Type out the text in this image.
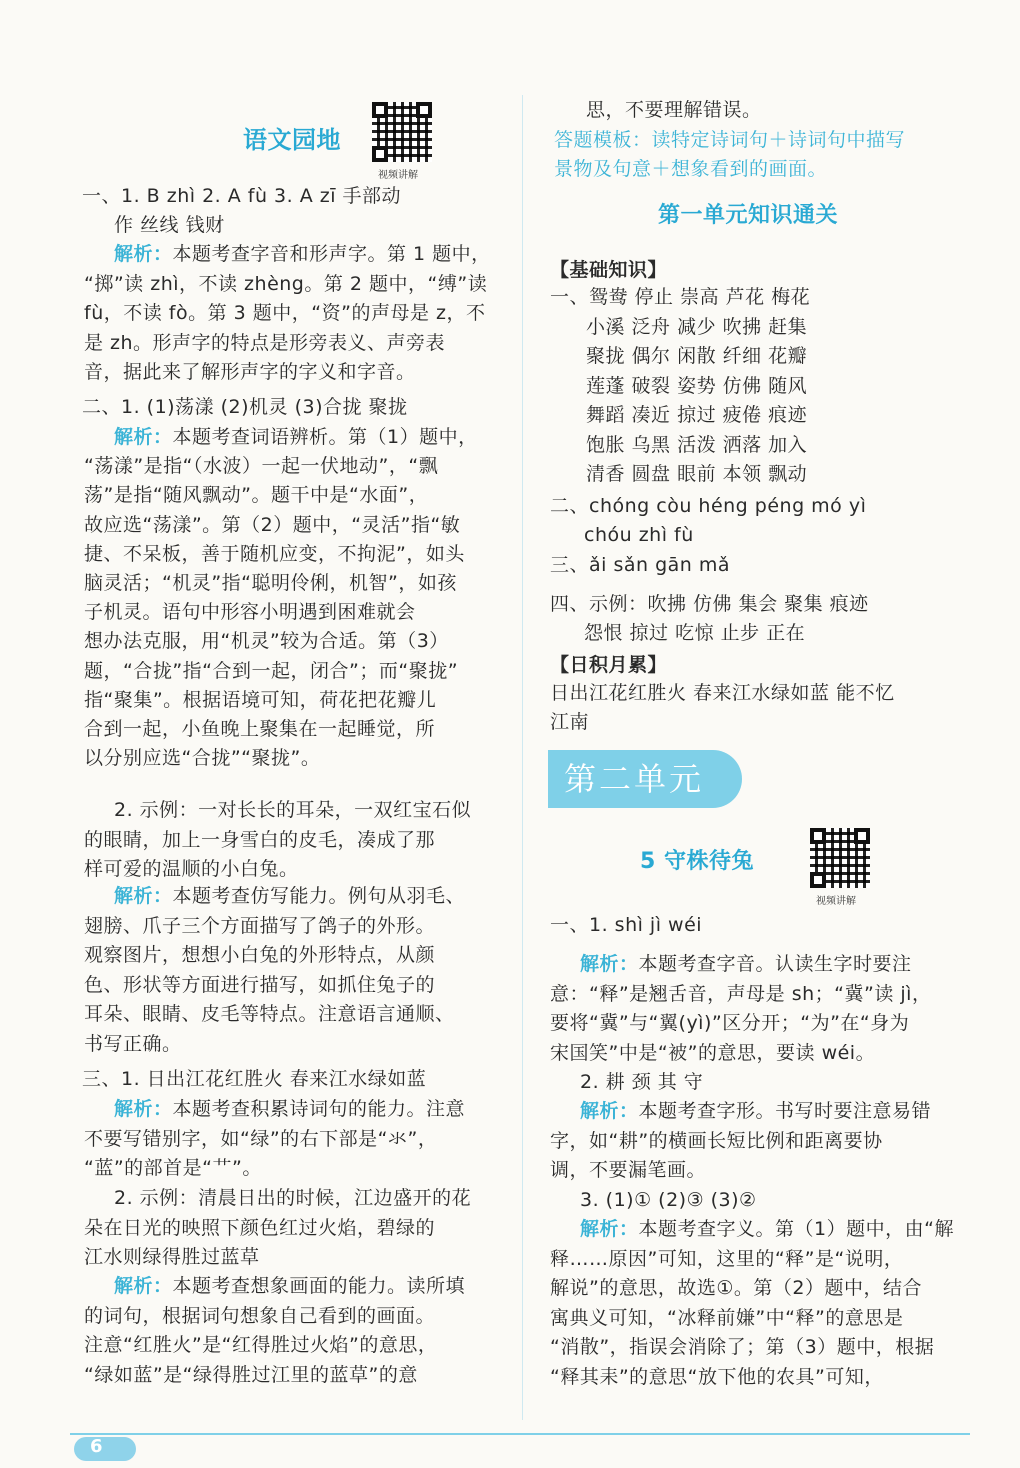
语文园地
视频讲解
一、1. B zhì 2. A fù 3. A zī 手部动
作 丝线 钱财
解析：本题考查字音和形声字。第 1 题中，
“掷”读 zhì，不读 zhèng。第 2 题中，“缚”读
fù，不读 fò。第 3 题中，“资”的声母是 z，不
是 zh。形声字的特点是形旁表义、声旁表
音，据此来了解形声字的字义和字音。
二、1. (1)荡漾 (2)机灵 (3)合拢 聚拢
解析：本题考查词语辨析。第（1）题中，
“荡漾”是指“（水波）一起一伏地动”，“飘
荡”是指“随风飘动”。题干中是“水面”，
故应选“荡漾”。第（2）题中，“灵活”指“敏
捷、不呆板，善于随机应变，不拘泥”，如头
脑灵活；“机灵”指“聪明伶俐，机智”，如孩
子机灵。语句中形容小明遇到困难就会
想办法克服，用“机灵”较为合适。第（3）
题，“合拢”指“合到一起，闭合”；而“聚拢”
指“聚集”。根据语境可知，荷花把花瓣儿
合到一起，小鱼晚上聚集在一起睡觉，所
以分别应选“合拢”“聚拢”。
2. 示例：一对长长的耳朵，一双红宝石似
的眼睛，加上一身雪白的皮毛，凑成了那
样可爱的温顺的小白兔。
解析：本题考查仿写能力。例句从羽毛、
翅膀、爪子三个方面描写了鸽子的外形。
观察图片，想想小白兔的外形特点，从颜
色、形状等方面进行描写，如抓住兔子的
耳朵、眼睛、皮毛等特点。注意语言通顺、
书写正确。
三、1. 日出江花红胜火 春来江水绿如蓝
解析：本题考查积累诗词句的能力。注意
不要写错别字，如“绿”的右下部是“氺”，
“蓝”的部首是“艹”。
2. 示例：清晨日出的时候，江边盛开的花
朵在日光的映照下颜色红过火焰，碧绿的
江水则绿得胜过蓝草
解析：本题考查想象画面的能力。读所填
的词句，根据词句想象自己看到的画面。
注意“红胜火”是“红得胜过火焰”的意思，
“绿如蓝”是“绿得胜过江里的蓝草”的意
思，不要理解错误。
答题模板：读特定诗词句＋诗词句中描写
景物及句意＋想象看到的画面。
第一单元知识通关
【基础知识】
一、鸳鸯 停止 崇高 芦花 梅花
小溪 泛舟 减少 吹拂 赶集
聚拢 偶尔 闲散 纤细 花瓣
莲蓬 破裂 姿势 仿佛 随风
舞蹈 凑近 掠过 疲倦 痕迹
饱胀 乌黑 活泼 洒落 加入
清香 圆盘 眼前 本领 飘动
二、chóng còu héng péng mó yì
chóu zhì fù
三、ǎi sǎn gān mǎ
四、示例：吹拂 仿佛 集会 聚集 痕迹
怨恨 掠过 吃惊 止步 正在
【日积月累】
日出江花红胜火 春来江水绿如蓝 能不忆
江南
5 守株待兔
视频讲解
一、1. shì jì wéi
解析：本题考查字音。认读生字时要注
意：“释”是翘舌音，声母是 sh；“冀”读 jì，
要将“冀”与“翼(yì)”区分开；“为”在“身为
宋国笑”中是“被”的意思，要读 wéi。
2. 耕 颈 其 守
解析：本题考查字形。书写时要注意易错
字，如“耕”的横画长短比例和距离要协
调，不要漏笔画。
3. (1)① (2)③ (3)②
解析：本题考查字义。第（1）题中，由“解
释……原因”可知，这里的“释”是“说明，
解说”的意思，故选①。第（2）题中，结合
寓典义可知，“冰释前嫌”中“释”的意思是
“消散”，指误会消除了；第（3）题中，根据
“释其耒”的意思“放下他的农具”可知，
第二单元
6
